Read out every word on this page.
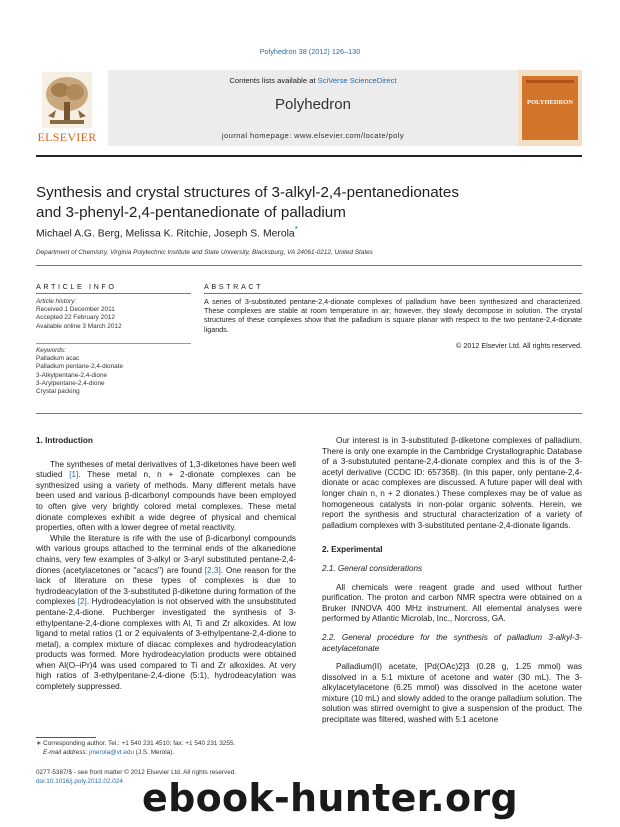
Polyhedron 38 (2012) 126–130
ELSEVIER
Contents lists available at SciVerse ScienceDirect
Polyhedron
journal homepage: www.elsevier.com/locate/poly
POLYHEDRON
Synthesis and crystal structures of 3-alkyl-2,4-pentanedionates
and 3-phenyl-2,4-pentanedionate of palladium
Michael A.G. Berg, Melissa K. Ritchie, Joseph S. Merola*
Department of Chemistry, Virginia Polytechnic Institute and State University, Blacksburg, VA 24061-0212, United States
ARTICLE INFO	ABSTRACT
Article history:
Received 1 December 2011
Accepted 22 February 2012
Available online 3 March 2012
Keywords:
Palladium acac
Palladium pentane-2,4-dionate
3-Alkylpentane-2,4-dione
3-Arylpentane-2,4-dione
Crystal packing
A series of 3-substituted pentane-2,4-dionate complexes of palladium have been synthesized and characterized. These complexes are stable at room temperature in air; however, they slowly decompose in solution. The crystal structures of these complexes show that the palladium is square planar with respect to the two pentane-2,4-dionate ligands.
© 2012 Elsevier Ltd. All rights reserved.
1. Introduction

The syntheses of metal derivatives of 1,3-diketones have been well studied [1]. These metal n, n + 2-dionate complexes can be synthesized using a variety of methods. Many different metals have been used and various β-dicarbonyl compounds have been employed to often give very brightly colored metal complexes. These metal dionate complexes exhibit a wide degree of physical and chemical properties, often with a lower degree of metal reactivity.

While the literature is rife with the use of β-dicarbonyl compounds with various groups attached to the terminal ends of the alkanedione chains, very few examples of 3-alkyl or 3-aryl substituted pentane-2,4-diones (acetylacetones or ''acacs'') are found [2,3]. One reason for the lack of literature on these types of complexes is due to hydrodeacylation of the 3-substituted β-diketone during formation of the complexes [2]. Hydrodeacylation is not observed with the unsubstituted pentane-2,4-dione. Puchberger investigated the synthesis of 3-ethylpentane-2,4-dione complexes with Al, Ti and Zr alkoxides. At low ligand to metal ratios (1 or 2 equivalents of 3-ethylpentane-2,4-dione to metal), a complex mixture of diacac complexes and hydrodeacylation products was formed. More hydrodeacylation products were obtained when Al(O–iPr)4 was used compared to Ti and Zr alkoxides. At very high ratios of 3-ethylpentane-2,4-dione (5:1), hydrodeacylation was completely suppressed.

Our interest is in 3-substituted β-diketone complexes of palladium. There is only one example in the Cambridge Crystallographic Database of a 3-substututed pentane-2,4-dionate complex and this is of the 3-acetyl derivative (CCDC ID: 657358). (In this paper, only pentane-2,4-dionate or acac complexes are discussed. A future paper will deal with longer chain n, n + 2 dionates.) These complexes may be of value as homogeneous catalysts in non-polar organic solvents. Herein, we report the synthesis and structural characterization of a variety of palladium complexes with 3-substituted pentane-2,4-dionate ligands.

2. Experimental
2.1. General considerations

All chemicals were reagent grade and used without further purification. The proton and carbon NMR spectra were obtained on a Bruker INNOVA 400 MHz instrument. All elemental analyses were performed by Atlantic Microlab, Inc., Norcross, GA.

2.2. General procedure for the synthesis of palladium 3-alkyl-3-acetylacetonate

Palladium(II) acetate, [Pd(OAc)2]3 (0.28 g, 1.25 mmol) was dissolved in a 5:1 mixture of acetone and water (30 mL). The 3-alkylacetylacetone (6.25 mmol) was dissolved in the acetone water mixture (10 mL) and slowly added to the orange palladium solution. The solution was stirred overnight to give a suspension of the product. The precipitate was filtered, washed with 5:1 acetone

∗ Corresponding author. Tel.: +1 540 231 4510; fax: +1 540 231 3255.
E-mail address: jmerola@vt.edu (J.S. Merola).
0277-5387/$ - see front matter © 2012 Elsevier Ltd. All rights reserved.
doi:10.1016/j.poly.2012.02.024 ebook-hunter.org
